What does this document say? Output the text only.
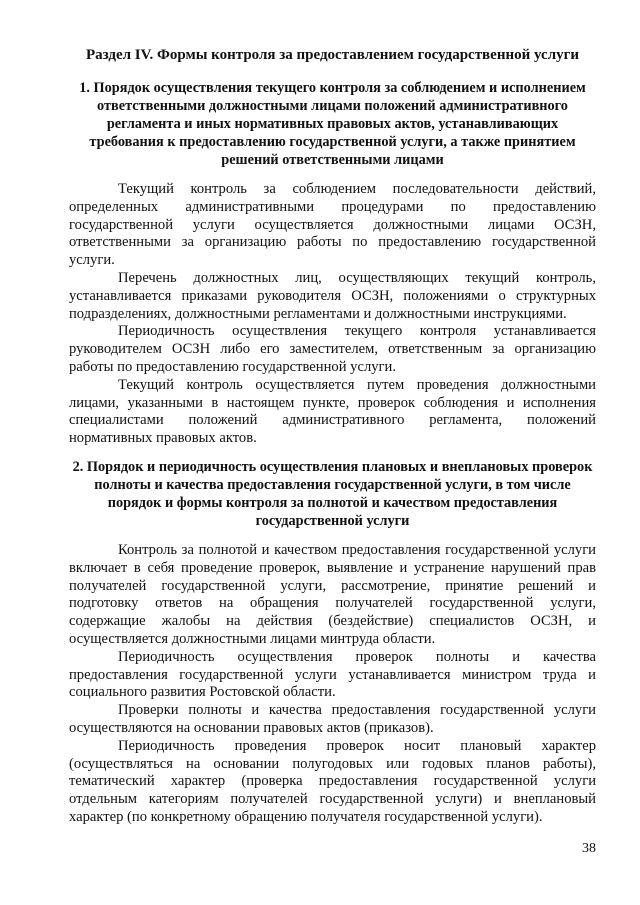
Раздел IV. Формы контроля за предоставлением государственной услуги
1. Порядок осуществления текущего контроля за соблюдением и исполнением ответственными должностными лицами положений административного регламента и иных нормативных правовых актов, устанавливающих требования к предоставлению государственной услуги, а также принятием решений ответственными лицами

Текущий контроль за соблюдением последовательности действий, определенных административными процедурами по предоставлению государственной услуги осуществляется должностными лицами ОСЗН, ответственными за организацию работы по предоставлению государственной услуги.

Перечень должностных лиц, осуществляющих текущий контроль, устанавливается приказами руководителя ОСЗН, положениями о структурных подразделениях, должностными регламентами и должностными инструкциями.

Периодичность осуществления текущего контроля устанавливается руководителем ОСЗН либо его заместителем, ответственным за организацию работы по предоставлению государственной услуги.

Текущий контроль осуществляется путем проведения должностными лицами, указанными в настоящем пункте, проверок соблюдения и исполнения специалистами положений административного регламента, положений нормативных правовых актов.

2. Порядок и периодичность осуществления плановых и внеплановых проверок полноты и качества предоставления государственной услуги, в том числе порядок и формы контроля за полнотой и качеством предоставления государственной услуги

Контроль за полнотой и качеством предоставления государственной услуги включает в себя проведение проверок, выявление и устранение нарушений прав получателей государственной услуги, рассмотрение, принятие решений и подготовку ответов на обращения получателей государственной услуги, содержащие жалобы на действия (бездействие) специалистов ОСЗН, и осуществляется должностными лицами минтруда области.

Периодичность осуществления проверок полноты и качества предоставления государственной услуги устанавливается министром труда и социального развития Ростовской области.

Проверки полноты и качества предоставления государственной услуги осуществляются на основании правовых актов (приказов).

Периодичность проведения проверок носит плановый характер (осуществляться на основании полугодовых или годовых планов работы), тематический характер (проверка предоставления государственной услуги отдельным категориям получателей государственной услуги) и внеплановый характер (по конкретному обращению получателя государственной услуги).

38
